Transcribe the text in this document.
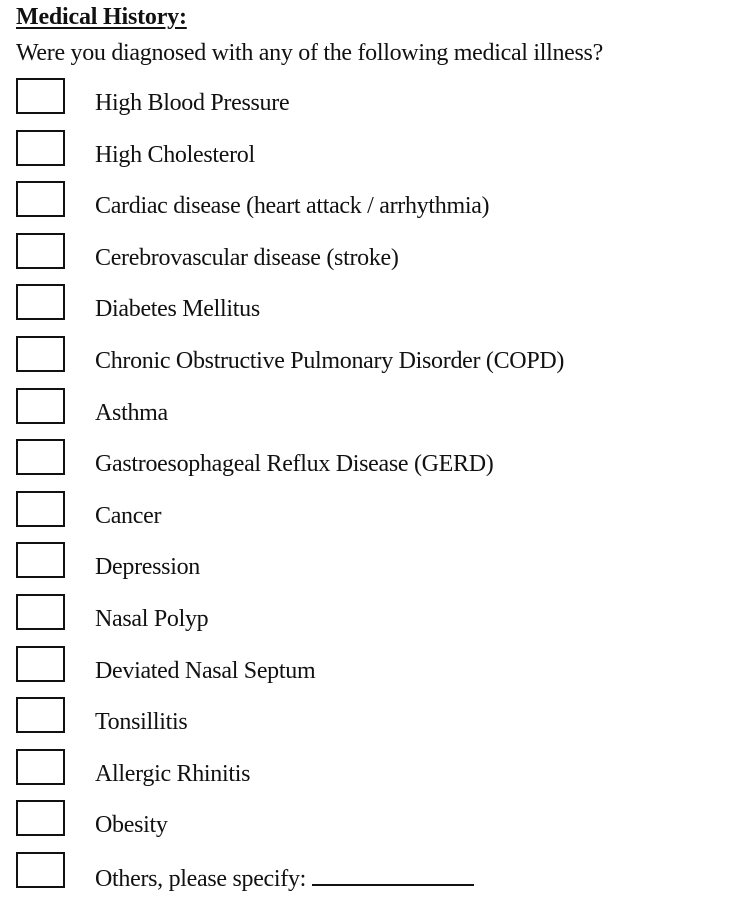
Medical History:
Were you diagnosed with any of the following medical illness?
High Blood Pressure
High Cholesterol
Cardiac disease (heart attack / arrhythmia)
Cerebrovascular disease (stroke)
Diabetes Mellitus
Chronic Obstructive Pulmonary Disorder (COPD)
Asthma
Gastroesophageal Reflux Disease (GERD)
Cancer
Depression
Nasal Polyp
Deviated Nasal Septum
Tonsillitis
Allergic Rhinitis
Obesity
Others, please specify:
